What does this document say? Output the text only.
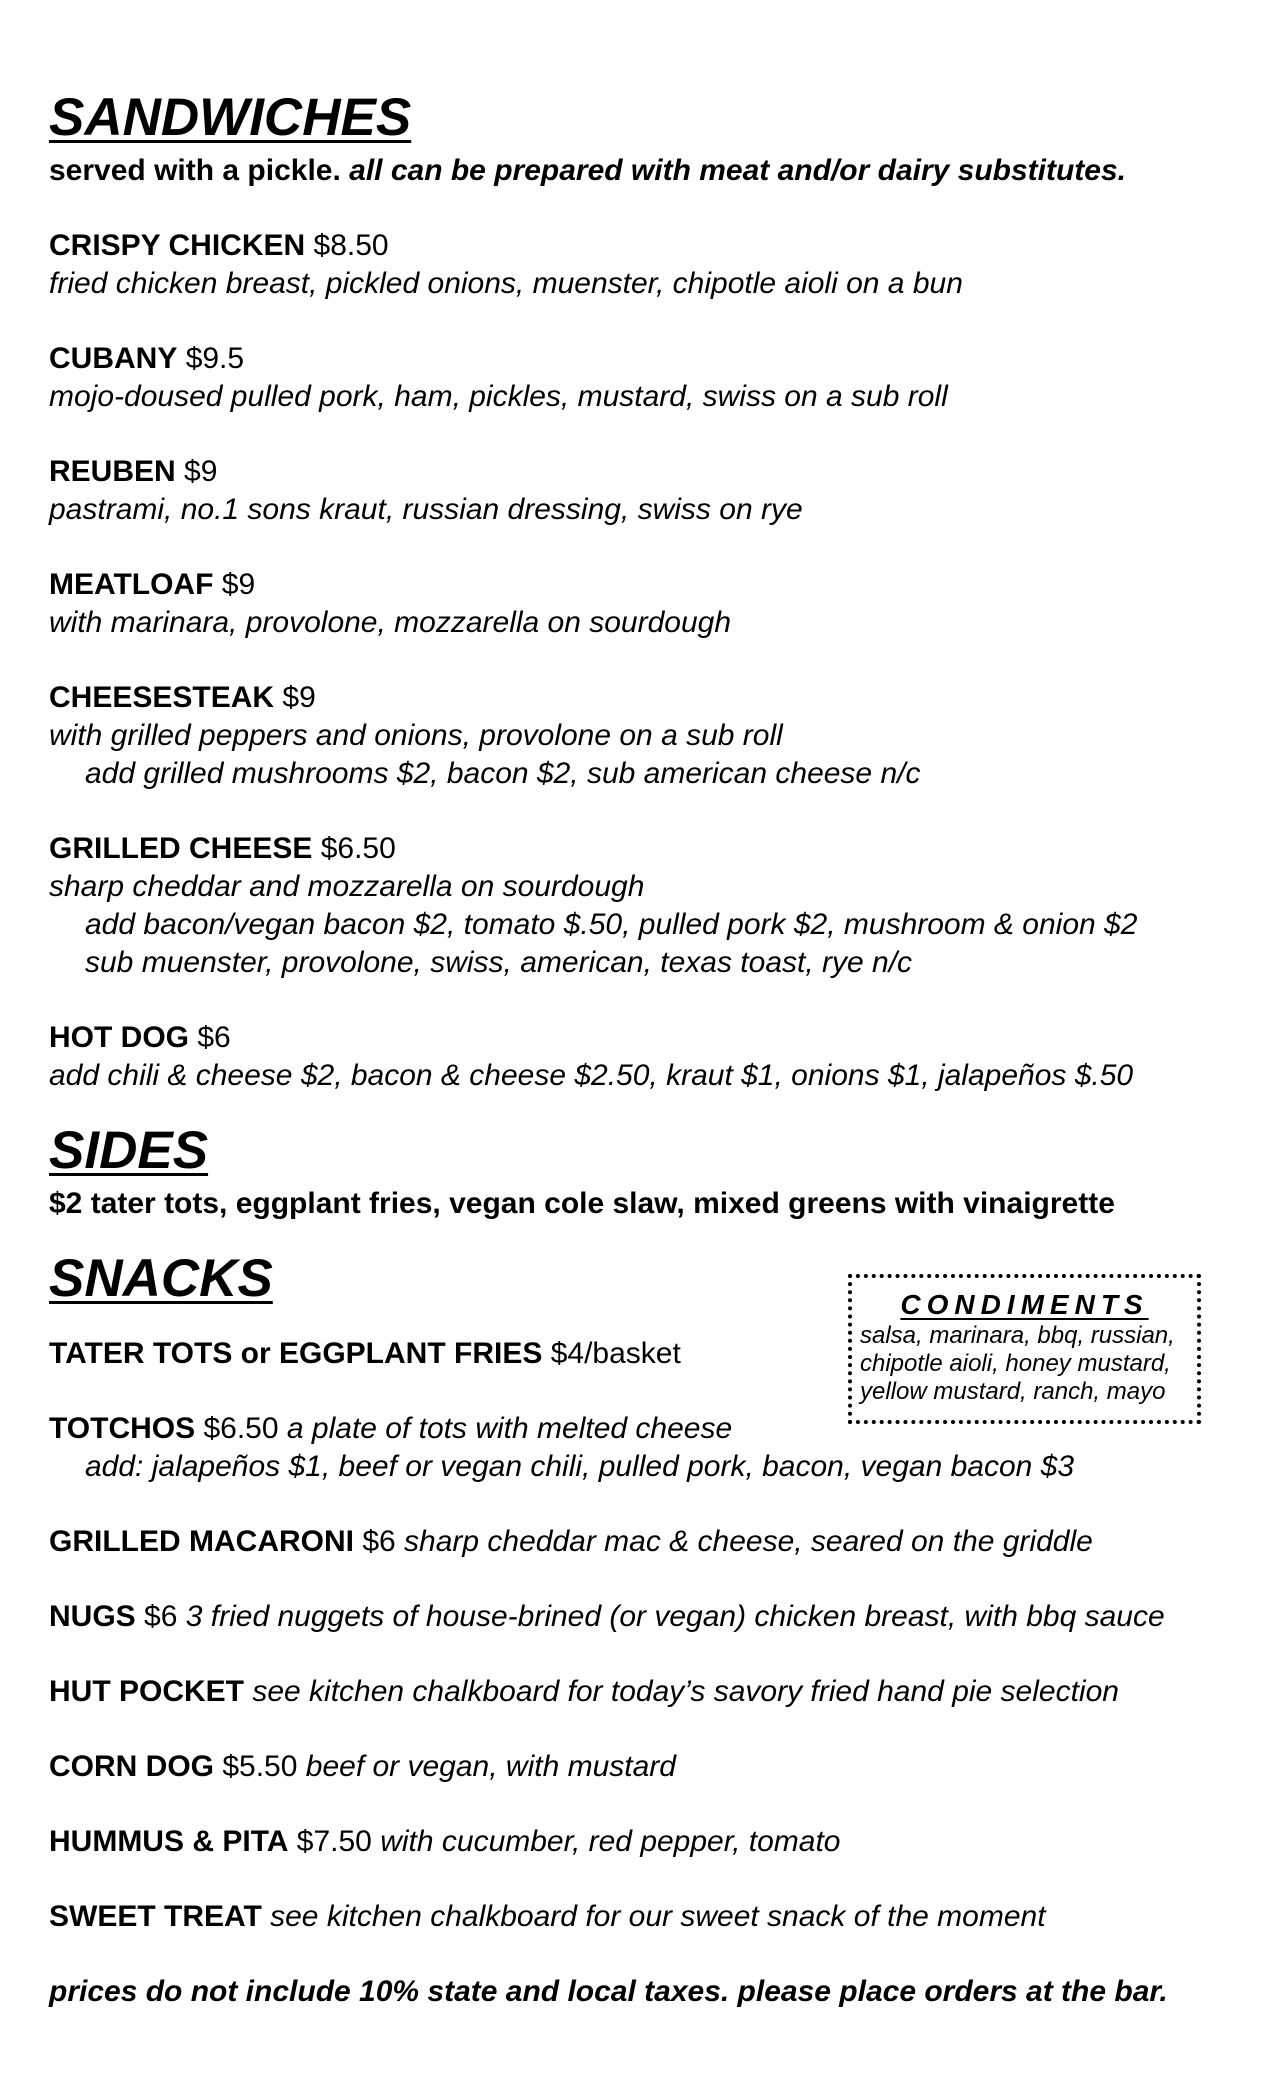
SANDWICHES

served with a pickle. all can be prepared with meat and/or dairy substitutes.

CRISPY CHICKEN $8.50
fried chicken breast, pickled onions, muenster, chipotle aioli on a bun
CUBANY $9.5
mojo-doused pulled pork, ham, pickles, mustard, swiss on a sub roll
REUBEN $9
pastrami, no.1 sons kraut, russian dressing, swiss on rye
MEATLOAF $9
with marinara, provolone, mozzarella on sourdough
CHEESESTEAK $9
with grilled peppers and onions, provolone on a sub roll
add grilled mushrooms $2, bacon $2, sub american cheese n/c
GRILLED CHEESE $6.50
sharp cheddar and mozzarella on sourdough
add bacon/vegan bacon $2, tomato $.50, pulled pork $2, mushroom & onion $2
sub muenster, provolone, swiss, american, texas toast, rye n/c
HOT DOG $6
add chili & cheese $2, bacon & cheese $2.50, kraut $1, onions $1, jalapeños $.50
SIDES

$2 tater tots, eggplant fries, vegan cole slaw, mixed greens with vinaigrette

SNACKS
TATER TOTS or EGGPLANT FRIES $4/basket
TOTCHOS $6.50 a plate of tots with melted cheese
add: jalapeños $1, beef or vegan chili, pulled pork, bacon, vegan bacon $3
GRILLED MACARONI $6 sharp cheddar mac & cheese, seared on the griddle
NUGS $6 3 fried nuggets of house-brined (or vegan) chicken breast, with bbq sauce
HUT POCKET see kitchen chalkboard for today’s savory fried hand pie selection
CORN DOG $5.50 beef or vegan, with mustard
HUMMUS & PITA $7.50 with cucumber, red pepper, tomato
SWEET TREAT see kitchen chalkboard for our sweet snack of the moment
prices do not include 10% state and local taxes. please place orders at the bar.
CONDIMENTS
salsa, marinara, bbq, russian,
chipotle aioli, honey mustard,
yellow mustard, ranch, mayo
